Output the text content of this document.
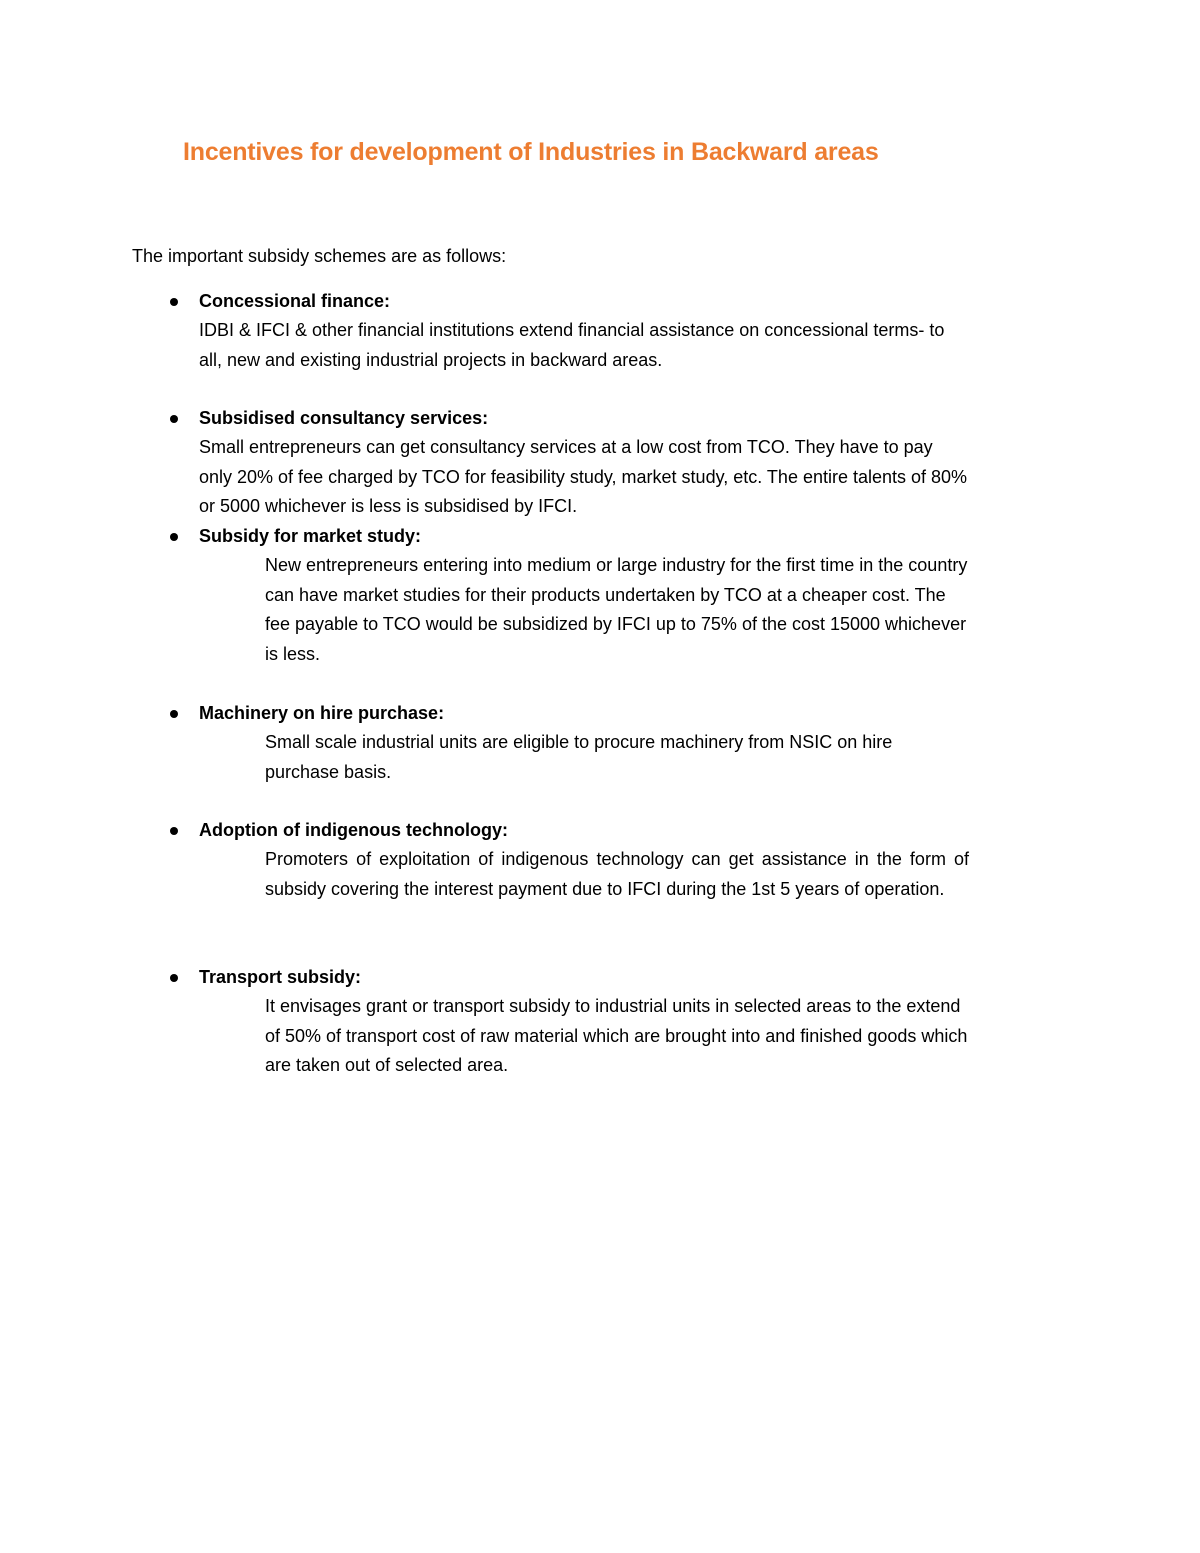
Incentives for development of Industries in Backward areas

The important subsidy schemes are as follows:

Concessional finance:

IDBI & IFCI & other financial institutions extend financial assistance on concessional terms- to all, new and existing industrial projects in backward areas.

Subsidised consultancy services:

Small entrepreneurs can get consultancy services at a low cost from TCO. They have to pay only 20% of fee charged by TCO for feasibility study, market study, etc. The entire talents of 80% or 5000 whichever is less is subsidised by IFCI.

Subsidy for market study:

New entrepreneurs entering into medium or large industry for the first time in the country can have market studies for their products undertaken by TCO at a cheaper cost. The fee payable to TCO would be subsidized by IFCI up to 75% of the cost 15000 whichever is less.

Machinery on hire purchase:

Small scale industrial units are eligible to procure machinery from NSIC on hire purchase basis.

Adoption of indigenous technology:

Promoters of exploitation of indigenous technology can get assistance in the form of subsidy covering the interest payment due to IFCI during the 1st 5 years of operation.

Transport subsidy:

It envisages grant or transport subsidy to industrial units in selected areas to the extend of 50% of transport cost of raw material which are brought into and finished goods which are taken out of selected area.
